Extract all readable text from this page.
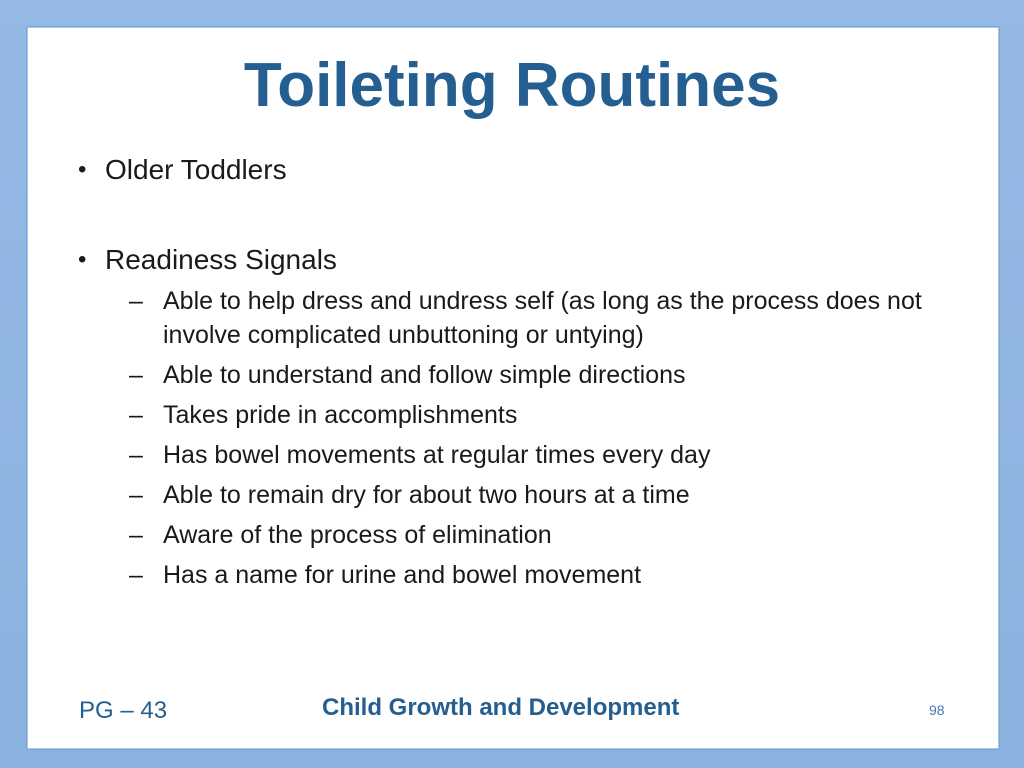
Toileting Routines
• Older Toddlers
• Readiness Signals
– Able to help dress and undress self (as long as the process does not involve complicated unbuttoning or untying)
– Able to understand and follow simple directions
– Takes pride in accomplishments
– Has bowel movements at regular times every day
– Able to remain dry for about two hours at a time
– Aware of the process of elimination
– Has a name for urine and bowel movement
PG – 43	Child Growth and Development	98
